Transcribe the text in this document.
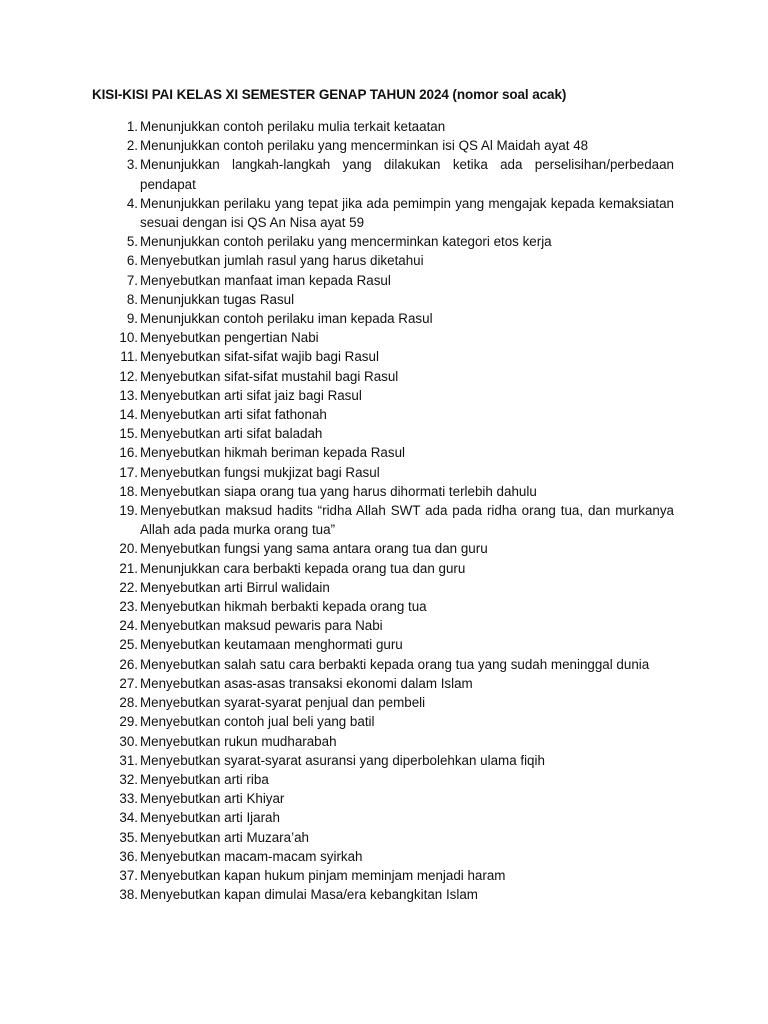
KISI-KISI PAI KELAS XI SEMESTER GENAP TAHUN 2024 (nomor soal acak)
1. Menunjukkan contoh perilaku mulia terkait ketaatan
2. Menunjukkan contoh perilaku yang mencerminkan isi QS Al Maidah ayat 48
3. Menunjukkan langkah-langkah yang dilakukan ketika ada perselisihan/perbedaan pendapat
4. Menunjukkan perilaku yang tepat jika ada pemimpin yang mengajak kepada kemaksiatan sesuai dengan isi QS An Nisa ayat 59
5. Menunjukkan contoh perilaku yang mencerminkan kategori etos kerja
6. Menyebutkan jumlah rasul yang harus diketahui
7. Menyebutkan manfaat iman kepada Rasul
8. Menunjukkan tugas Rasul
9. Menunjukkan contoh perilaku iman kepada Rasul
10. Menyebutkan pengertian Nabi
11. Menyebutkan sifat-sifat wajib bagi Rasul
12. Menyebutkan sifat-sifat mustahil bagi Rasul
13. Menyebutkan arti sifat jaiz bagi Rasul
14. Menyebutkan arti sifat fathonah
15. Menyebutkan arti sifat baladah
16. Menyebutkan hikmah beriman kepada Rasul
17. Menyebutkan fungsi mukjizat bagi Rasul
18. Menyebutkan siapa orang tua yang harus dihormati terlebih dahulu
19. Menyebutkan maksud hadits “ridha Allah SWT ada pada ridha orang tua, dan murkanya Allah ada pada murka orang tua”
20. Menyebutkan fungsi yang sama antara orang tua dan guru
21. Menunjukkan cara berbakti kepada orang tua dan guru
22. Menyebutkan arti Birrul walidain
23. Menyebutkan hikmah berbakti kepada orang tua
24. Menyebutkan maksud pewaris para Nabi
25. Menyebutkan keutamaan menghormati guru
26. Menyebutkan salah satu cara berbakti kepada orang tua yang sudah meninggal dunia
27. Menyebutkan asas-asas transaksi ekonomi dalam Islam
28. Menyebutkan syarat-syarat penjual dan pembeli
29. Menyebutkan contoh jual beli yang batil
30. Menyebutkan rukun mudharabah
31. Menyebutkan syarat-syarat asuransi yang diperbolehkan ulama fiqih
32. Menyebutkan arti riba
33. Menyebutkan arti Khiyar
34. Menyebutkan arti Ijarah
35. Menyebutkan arti Muzara’ah
36. Menyebutkan macam-macam syirkah
37. Menyebutkan kapan hukum pinjam meminjam menjadi haram
38. Menyebutkan kapan dimulai Masa/era kebangkitan Islam
